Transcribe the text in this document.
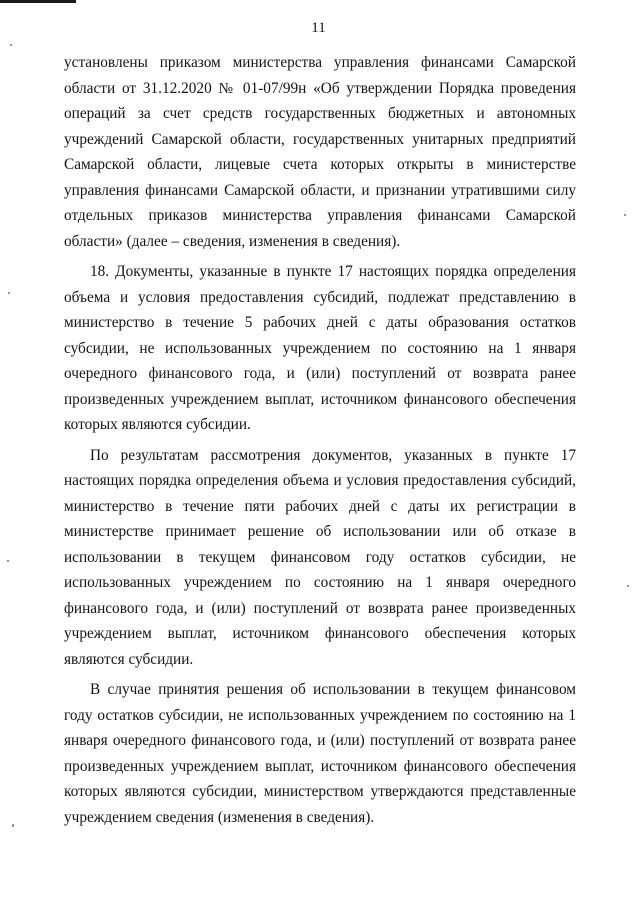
11

установлены приказом министерства управления финансами Самарской области от 31.12.2020 № 01-07/99н «Об утверждении Порядка проведения операций за счет средств государственных бюджетных и автономных учреждений Самарской области, государственных унитарных предприятий Самарской области, лицевые счета которых открыты в министерстве управления финансами Самарской области, и признании утратившими силу отдельных приказов министерства управления финансами Самарской области» (далее – сведения, изменения в сведения).

18. Документы, указанные в пункте 17 настоящих порядка определения объема и условия предоставления субсидий, подлежат представлению в министерство в течение 5 рабочих дней с даты образования остатков субсидии, не использованных учреждением по состоянию на 1 января очередного финансового года, и (или) поступлений от возврата ранее произведенных учреждением выплат, источником финансового обеспечения которых являются субсидии.

По результатам рассмотрения документов, указанных в пункте 17 настоящих порядка определения объема и условия предоставления субсидий, министерство в течение пяти рабочих дней с даты их регистрации в министерстве принимает решение об использовании или об отказе в использовании в текущем финансовом году остатков субсидии, не использованных учреждением по состоянию на 1 января очередного финансового года, и (или) поступлений от возврата ранее произведенных учреждением выплат, источником финансового обеспечения которых являются субсидии.

В случае принятия решения об использовании в текущем финансовом году остатков субсидии, не использованных учреждением по состоянию на 1 января очередного финансового года, и (или) поступлений от возврата ранее произведенных учреждением выплат, источником финансового обеспечения которых являются субсидии, министерством утверждаются представленные учреждением сведения (изменения в сведения).
